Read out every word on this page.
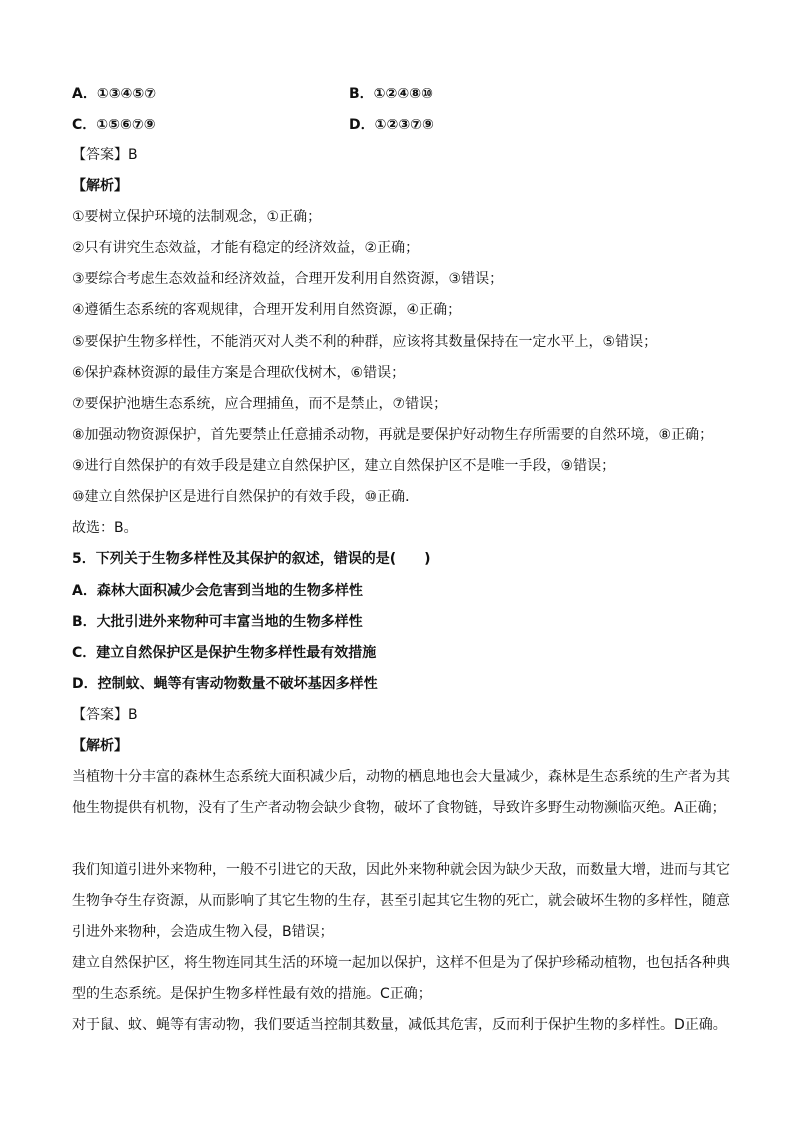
A．①③④⑤⑦	B．①②④⑧⑩
C．①⑤⑥⑦⑨	D．①②③⑦⑨
【答案】B
【解析】
①要树立保护环境的法制观念，①正确；
②只有讲究生态效益，才能有稳定的经济效益，②正确；
③要综合考虑生态效益和经济效益，合理开发利用自然资源，③错误；
④遵循生态系统的客观规律，合理开发利用自然资源，④正确；
⑤要保护生物多样性，不能消灭对人类不利的种群，应该将其数量保持在一定水平上，⑤错误；
⑥保护森林资源的最佳方案是合理砍伐树木，⑥错误；
⑦要保护池塘生态系统，应合理捕鱼，而不是禁止，⑦错误；
⑧加强动物资源保护，首先要禁止任意捕杀动物，再就是要保护好动物生存所需要的自然环境，⑧正确；
⑨进行自然保护的有效手段是建立自然保护区，建立自然保护区不是唯一手段，⑨错误；
⑩建立自然保护区是进行自然保护的有效手段，⑩正确．
故选：B。
5．下列关于生物多样性及其保护的叙述，错误的是(　　)
A．森林大面积减少会危害到当地的生物多样性
B．大批引进外来物种可丰富当地的生物多样性
C．建立自然保护区是保护生物多样性最有效措施
D．控制蚊、蝇等有害动物数量不破坏基因多样性
【答案】B
【解析】
当植物十分丰富的森林生态系统大面积减少后，动物的栖息地也会大量减少，森林是生态系统的生产者为其他生物提供有机物，没有了生产者动物会缺少食物，破坏了食物链，导致许多野生动物濒临灭绝。A正确；
我们知道引进外来物种，一般不引进它的天敌，因此外来物种就会因为缺少天敌，而数量大增，进而与其它生物争夺生存资源，从而影响了其它生物的生存，甚至引起其它生物的死亡，就会破坏生物的多样性，随意引进外来物种，会造成生物入侵，B错误；
建立自然保护区，将生物连同其生活的环境一起加以保护，这样不但是为了保护珍稀动植物，也包括各种典型的生态系统。是保护生物多样性最有效的措施。C正确；
对于鼠、蚊、蝇等有害动物，我们要适当控制其数量，减低其危害，反而利于保护生物的多样性。D正确。
